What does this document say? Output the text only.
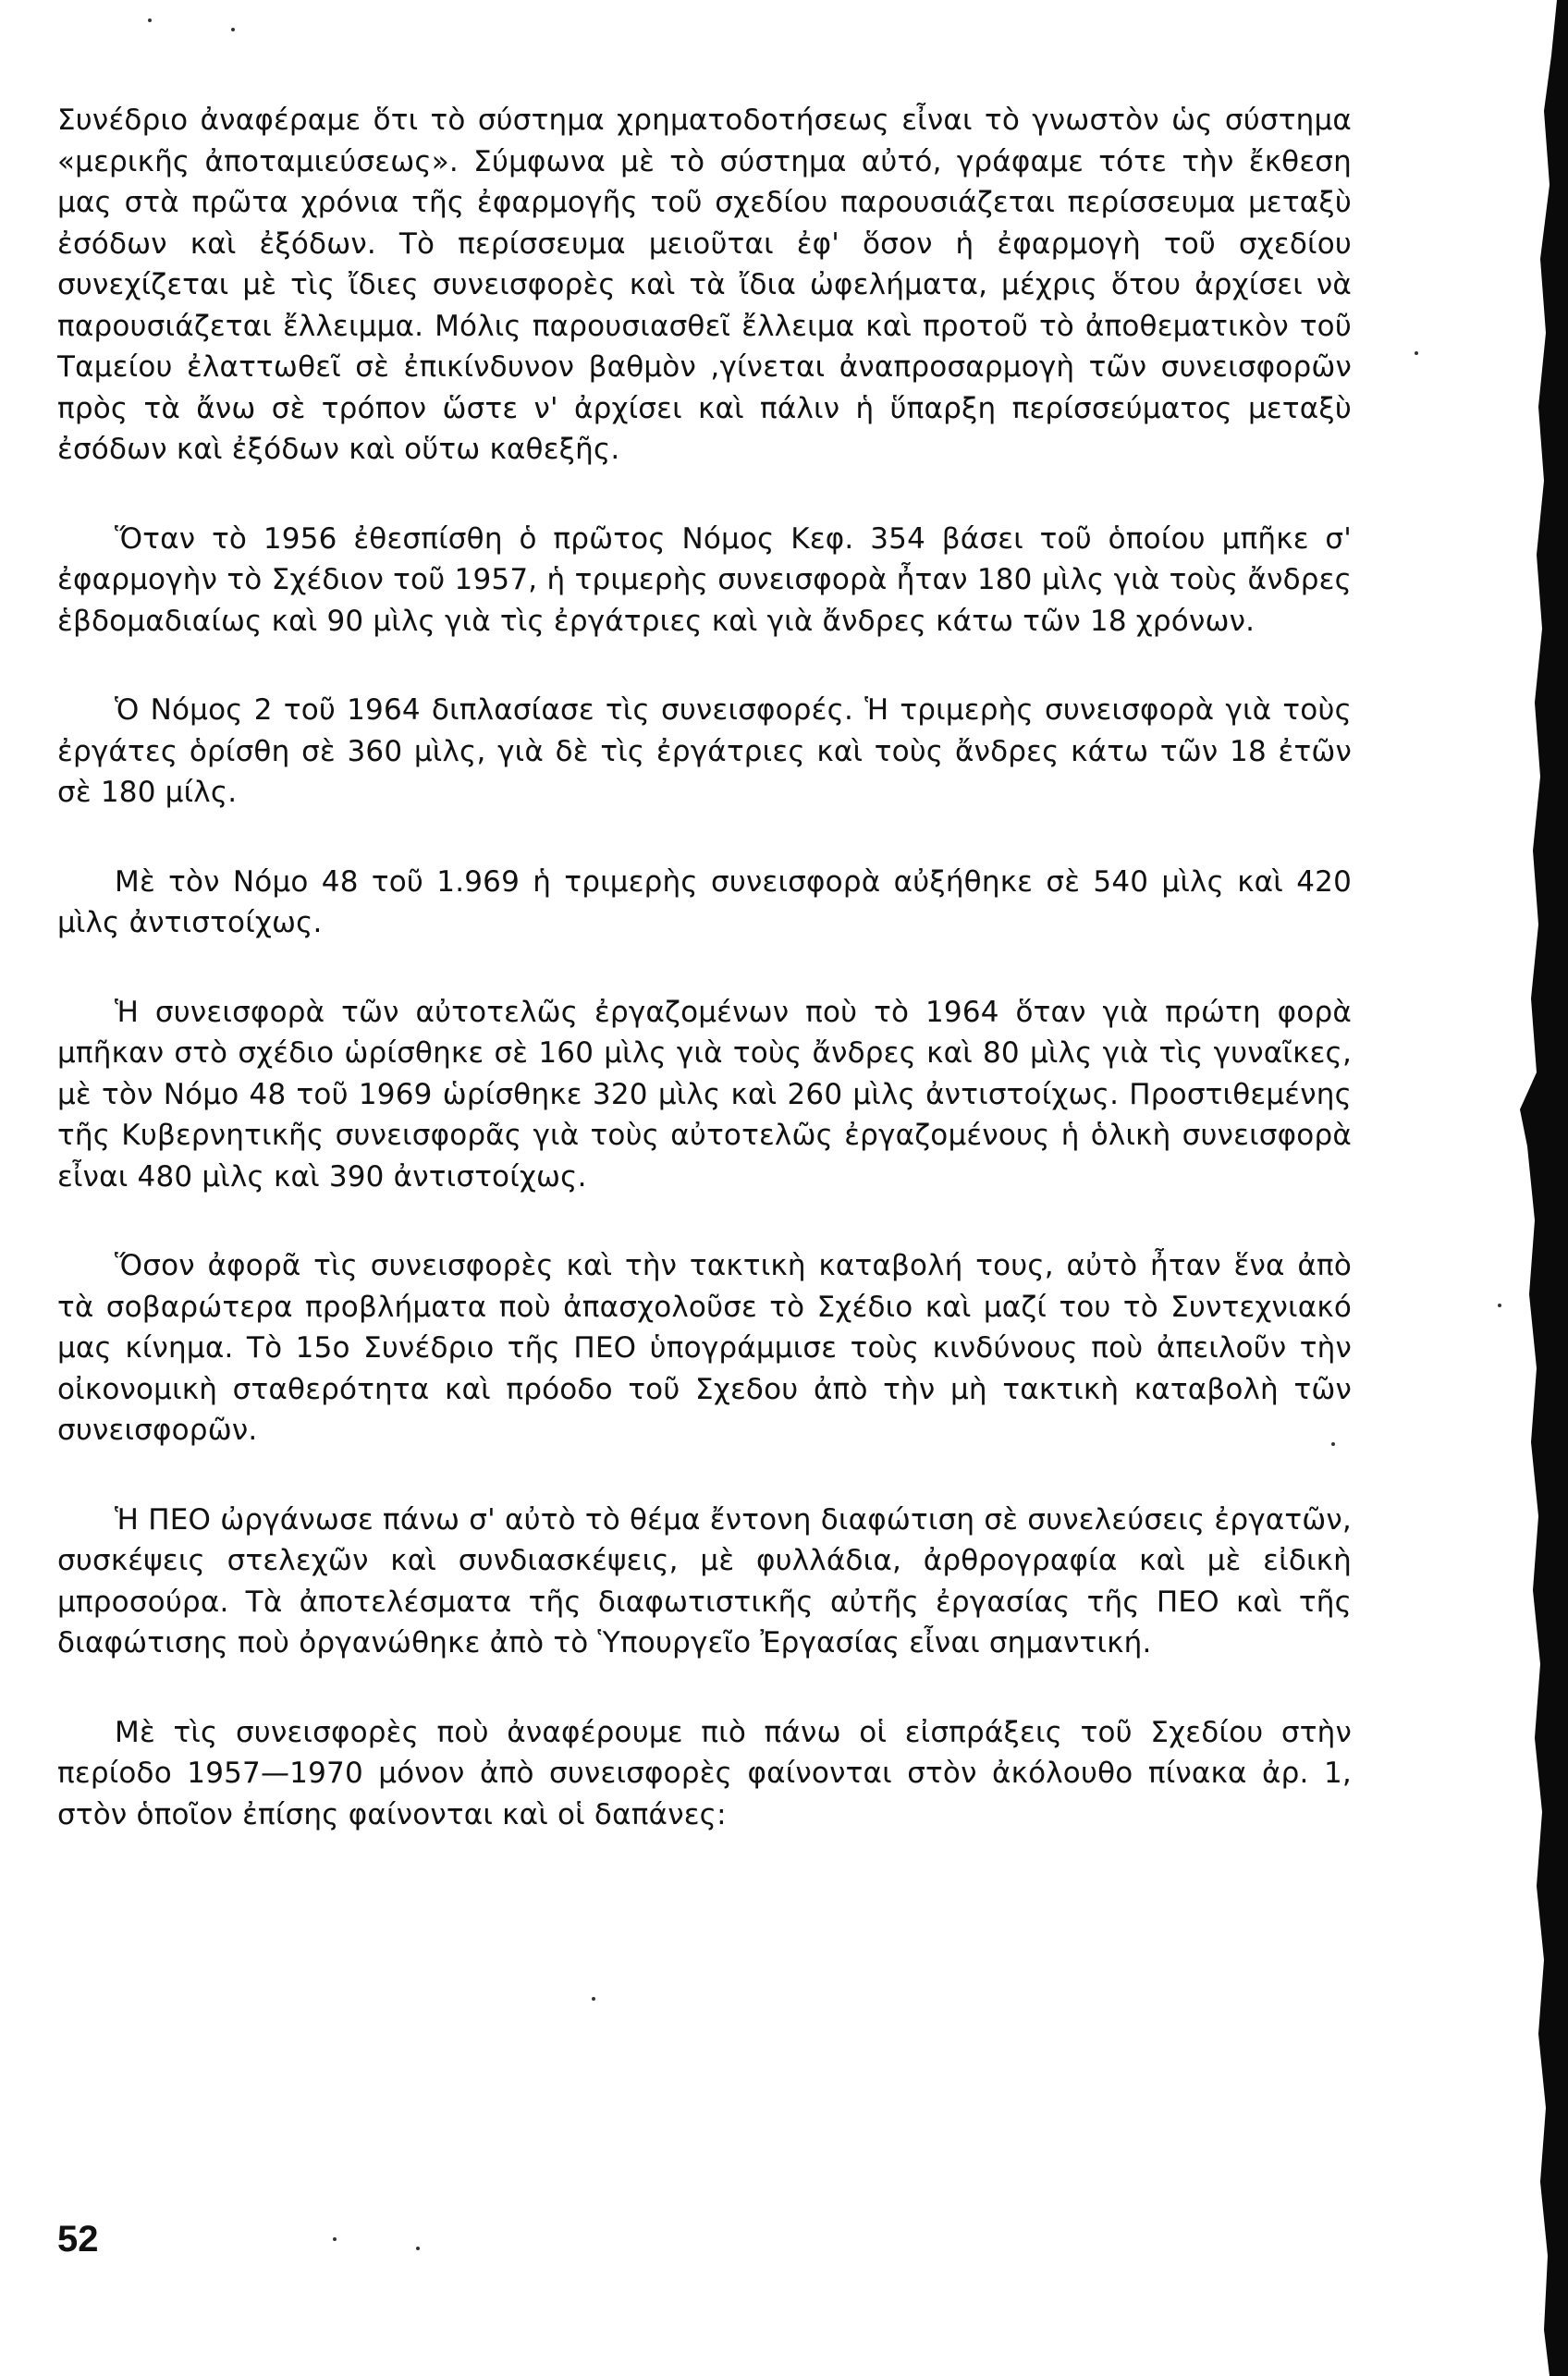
Συνέδριο ἀναφέραμε ὅτι τὸ σύστημα χρηματοδοτήσεως εἶναι τὸ γνωστὸν ὡς σύστημα «μερικῆς ἀποταμιεύσεως». Σύμφωνα μὲ τὸ σύστημα αὐτό, γράφαμε τότε τὴν ἔκθεση μας στὰ πρῶτα χρόνια τῆς ἐφαρμογῆς τοῦ σχεδίου παρουσιάζεται περίσσευμα μεταξὺ ἐσόδων καὶ ἐξόδων. Τὸ περίσσευμα μειοῦται ἐφ' ὅσον ἡ ἐφαρμογὴ τοῦ σχεδίου συνεχίζεται μὲ τὶς ἴδιες συνεισφορὲς καὶ τὰ ἴδια ὠφελήματα, μέχρις ὅτου ἀρχίσει νὰ παρουσιάζεται ἔλλειμμα. Μόλις παρουσιασθεῖ ἔλλειμα καὶ προτοῦ τὸ ἀποθεματικὸν τοῦ Ταμείου ἐλαττωθεῖ σὲ ἐπικίνδυνον βαθμὸν ,γίνεται ἀναπροσαρμογὴ τῶν συνεισφορῶν πρὸς τὰ ἄνω σὲ τρόπον ὥστε ν' ἀρχίσει καὶ πάλιν ἡ ὕπαρξη περίσσεύματος μεταξὺ ἐσόδων καὶ ἐξόδων καὶ οὕτω καθεξῆς.

Ὅταν τὸ 1956 ἐθεσπίσθη ὁ πρῶτος Νόμος Κεφ. 354 βάσει τοῦ ὁποίου μπῆκε σ' ἐφαρμογὴν τὸ Σχέδιον τοῦ 1957, ἡ τριμερὴς συνεισφορὰ ἦταν 180 μὶλς γιὰ τοὺς ἄνδρες ἑβδομαδιαίως καὶ 90 μὶλς γιὰ τὶς ἐργάτριες καὶ γιὰ ἄνδρες κάτω τῶν 18 χρόνων.

Ὁ Νόμος 2 τοῦ 1964 διπλασίασε τὶς συνεισφορές. Ἡ τριμερὴς συνεισφορὰ γιὰ τοὺς ἐργάτες ὁρίσθη σὲ 360 μὶλς, γιὰ δὲ τὶς ἐργάτριες καὶ τοὺς ἄνδρες κάτω τῶν 18 ἐτῶν σὲ 180 μίλς.

Μὲ τὸν Νόμο 48 τοῦ 1.969 ἡ τριμερὴς συνεισφορὰ αὐξήθηκε σὲ 540 μὶλς καὶ 420 μὶλς ἀντιστοίχως.

Ἡ συνεισφορὰ τῶν αὐτοτελῶς ἐργαζομένων ποὺ τὸ 1964 ὅταν γιὰ πρώτη φορὰ μπῆκαν στὸ σχέδιο ὡρίσθηκε σὲ 160 μὶλς γιὰ τοὺς ἄνδρες καὶ 80 μὶλς γιὰ τὶς γυναῖκες, μὲ τὸν Νόμο 48 τοῦ 1969 ὡρίσθηκε 320 μὶλς καὶ 260 μὶλς ἀντιστοίχως. Προστιθεμένης τῆς Κυβερνητικῆς συνεισφορᾶς γιὰ τοὺς αὐτοτελῶς ἐργαζομένους ἡ ὁλικὴ συνεισφορὰ εἶναι 480 μὶλς καὶ 390 ἀντιστοίχως.

Ὅσον ἀφορᾶ τὶς συνεισφορὲς καὶ τὴν τακτικὴ καταβολή τους, αὐτὸ ἦταν ἕνα ἀπὸ τὰ σοβαρώτερα προβλήματα ποὺ ἀπασχολοῦσε τὸ Σχέδιο καὶ μαζί του τὸ Συντεχνιακό μας κίνημα. Τὸ 15ο Συνέδριο τῆς ΠΕΟ ὑπογράμμισε τοὺς κινδύνους ποὺ ἀπειλοῦν τὴν οἰκονομικὴ σταθερότητα καὶ πρόοδο τοῦ Σχεδου ἀπὸ τὴν μὴ τακτικὴ καταβολὴ τῶν συνεισφορῶν.

Ἡ ΠΕΟ ὠργάνωσε πάνω σ' αὐτὸ τὸ θέμα ἔντονη διαφώτιση σὲ συνελεύσεις ἐργατῶν, συσκέψεις στελεχῶν καὶ συνδιασκέψεις, μὲ φυλλάδια, ἀρθρογραφία καὶ μὲ εἰδικὴ μπροσούρα. Τὰ ἀποτελέσματα τῆς διαφωτιστικῆς αὐτῆς ἐργασίας τῆς ΠΕΟ καὶ τῆς διαφώτισης ποὺ ὀργανώθηκε ἀπὸ τὸ Ὑπουργεῖο Ἐργασίας εἶναι σημαντική.

Μὲ τὶς συνεισφορὲς ποὺ ἀναφέρουμε πιὸ πάνω οἱ εἰσπράξεις τοῦ Σχεδίου στὴν περίοδο 1957—1970 μόνον ἀπὸ συνεισφορὲς φαίνονται στὸν ἀκόλουθο πίνακα ἀρ. 1, στὸν ὁποῖον ἐπίσης φαίνονται καὶ οἱ δαπάνες:

52
